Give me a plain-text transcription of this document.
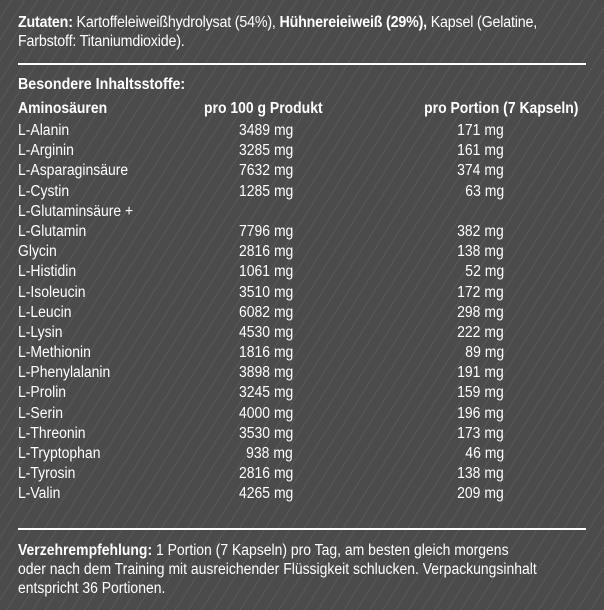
Zutaten: Kartoffeleiweißhydrolysat (54%), Hühnereieiweiß (29%), Kapsel (Gelatine, Farbstoff: Titaniumdioxide).
Besondere Inhaltsstoffe:
Aminosäuren	pro 100 g Produkt	pro Portion (7 Kapseln)
L-Alanin	3489 mg	171 mg
L-Arginin	3285 mg	161 mg
L-Asparaginsäure	7632 mg	374 mg
L-Cystin	1285 mg	63 mg
L-Glutaminsäure +
L-Glutamin	7796 mg	382 mg
Glycin	2816 mg	138 mg
L-Histidin	1061 mg	52 mg
L-Isoleucin	3510 mg	172 mg
L-Leucin	6082 mg	298 mg
L-Lysin	4530 mg	222 mg
L-Methionin	1816 mg	89 mg
L-Phenylalanin	3898 mg	191 mg
L-Prolin	3245 mg	159 mg
L-Serin	4000 mg	196 mg
L-Threonin	3530 mg	173 mg
L-Tryptophan	938 mg	46 mg
L-Tyrosin	2816 mg	138 mg
L-Valin	4265 mg	209 mg
Verzehrempfehlung: 1 Portion (7 Kapseln) pro Tag, am besten gleich morgens
oder nach dem Training mit ausreichender Flüssigkeit schlucken. Verpackungsinhalt
entspricht 36 Portionen.
